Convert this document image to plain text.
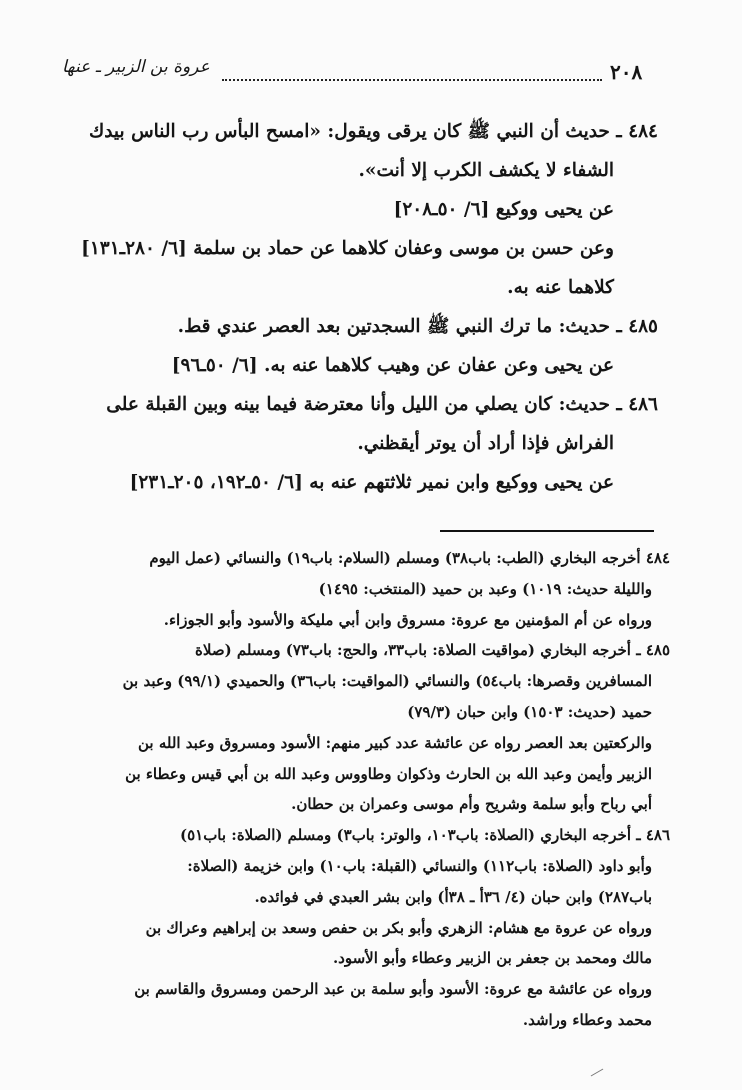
عروة بن الزبير ـ عنها	٢٠٨

٤٨٤ ـ حديث أن النبي ﷺ كان يرقى ويقول: «امسح البأس رب الناس بيدك

الشفاء لا يكشف الكرب إلا أنت».

عن يحيى ووكيع [٦/ ٥٠ـ٢٠٨]

وعن حسن بن موسى وعفان كلاهما عن حماد بن سلمة [٦/ ٢٨٠ـ١٣١]

كلاهما عنه به.

٤٨٥ ـ حديث: ما ترك النبي ﷺ السجدتين بعد العصر عندي قط.

عن يحيى وعن عفان عن وهيب كلاهما عنه به. [٦/ ٥٠ـ٩٦]

٤٨٦ ـ حديث: كان يصلي من الليل وأنا معترضة فيما بينه وبين القبلة على

الفراش فإذا أراد أن يوتر أيقظني.

عن يحيى ووكيع وابن نمير ثلاثتهم عنه به [٦/ ٥٠ـ١٩٢، ٢٠٥ـ٢٣١]

٤٨٤ أخرجه البخاري (الطب: باب٣٨) ومسلم (السلام: باب١٩) والنسائي (عمل اليوم

والليلة حديث: ١٠١٩) وعبد بن حميد (المنتخب: ١٤٩٥)

ورواه عن أم المؤمنين مع عروة: مسروق وابن أبي مليكة والأسود وأبو الجوزاء.

٤٨٥ ـ أخرجه البخاري (مواقيت الصلاة: باب٣٣، والحج: باب٧٣) ومسلم (صلاة

المسافرين وقصرها: باب٥٤) والنسائي (المواقيت: باب٣٦) والحميدي (٩٩/١) وعبد بن

حميد (حديث: ١٥٠٣) وابن حبان (٧٩/٣)

والركعتين بعد العصر رواه عن عائشة عدد كبير منهم: الأسود ومسروق وعبد الله بن

الزبير وأيمن وعبد الله بن الحارث وذكوان وطاووس وعبد الله بن أبي قيس وعطاء بن

أبي رباح وأبو سلمة وشريح وأم موسى وعمران بن حطان.

٤٨٦ ـ أخرجه البخاري (الصلاة: باب١٠٣، والوتر: باب٣) ومسلم (الصلاة: باب٥١)

وأبو داود (الصلاة: باب١١٢) والنسائي (القبلة: باب١٠) وابن خزيمة (الصلاة:

باب٢٨٧) وابن حبان (٤/ ٣٦أ ـ ٣٨أ) وابن بشر العبدي في فوائده.

ورواه عن عروة مع هشام: الزهري وأبو بكر بن حفص وسعد بن إبراهيم وعراك بن

مالك ومحمد بن جعفر بن الزبير وعطاء وأبو الأسود.

ورواه عن عائشة مع عروة: الأسود وأبو سلمة بن عبد الرحمن ومسروق والقاسم بن

محمد وعطاء وراشد.
